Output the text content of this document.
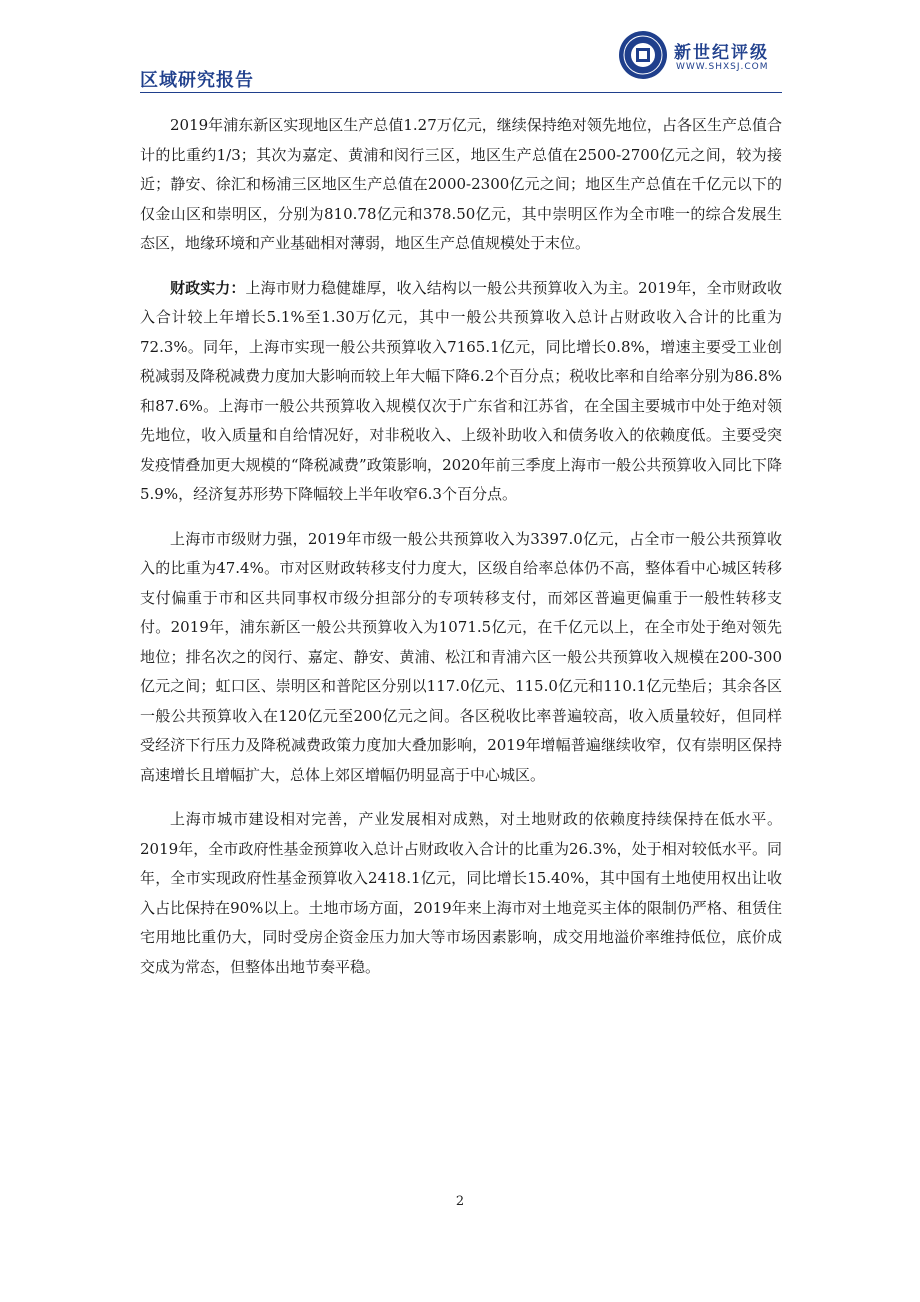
区域研究报告
新世纪评级
WWW.SHXSJ.COM

2019年浦东新区实现地区生产总值1.27万亿元，继续保持绝对领先地位，占各区生产总值合计的比重约1/3；其次为嘉定、黄浦和闵行三区，地区生产总值在2500-2700亿元之间，较为接近；静安、徐汇和杨浦三区地区生产总值在2000-2300亿元之间；地区生产总值在千亿元以下的仅金山区和崇明区，分别为810.78亿元和378.50亿元，其中崇明区作为全市唯一的综合发展生态区，地缘环境和产业基础相对薄弱，地区生产总值规模处于末位。

财政实力：上海市财力稳健雄厚，收入结构以一般公共预算收入为主。2019年，全市财政收入合计较上年增长5.1%至1.30万亿元，其中一般公共预算收入总计占财政收入合计的比重为72.3%。同年，上海市实现一般公共预算收入7165.1亿元，同比增长0.8%，增速主要受工业创税减弱及降税减费力度加大影响而较上年大幅下降6.2个百分点；税收比率和自给率分别为86.8%和87.6%。上海市一般公共预算收入规模仅次于广东省和江苏省，在全国主要城市中处于绝对领先地位，收入质量和自给情况好，对非税收入、上级补助收入和债务收入的依赖度低。主要受突发疫情叠加更大规模的“降税减费”政策影响，2020年前三季度上海市一般公共预算收入同比下降5.9%，经济复苏形势下降幅较上半年收窄6.3个百分点。

上海市市级财力强，2019年市级一般公共预算收入为3397.0亿元，占全市一般公共预算收入的比重为47.4%。市对区财政转移支付力度大，区级自给率总体仍不高，整体看中心城区转移支付偏重于市和区共同事权市级分担部分的专项转移支付，而郊区普遍更偏重于一般性转移支付。2019年，浦东新区一般公共预算收入为1071.5亿元，在千亿元以上，在全市处于绝对领先地位；排名次之的闵行、嘉定、静安、黄浦、松江和青浦六区一般公共预算收入规模在200-300亿元之间；虹口区、崇明区和普陀区分别以117.0亿元、115.0亿元和110.1亿元垫后；其余各区一般公共预算收入在120亿元至200亿元之间。各区税收比率普遍较高，收入质量较好，但同样受经济下行压力及降税减费政策力度加大叠加影响，2019年增幅普遍继续收窄，仅有崇明区保持高速增长且增幅扩大，总体上郊区增幅仍明显高于中心城区。

上海市城市建设相对完善，产业发展相对成熟，对土地财政的依赖度持续保持在低水平。2019年，全市政府性基金预算收入总计占财政收入合计的比重为26.3%，处于相对较低水平。同年，全市实现政府性基金预算收入2418.1亿元，同比增长15.40%，其中国有土地使用权出让收入占比保持在90%以上。土地市场方面，2019年来上海市对土地竞买主体的限制仍严格、租赁住宅用地比重仍大，同时受房企资金压力加大等市场因素影响，成交用地溢价率维持低位，底价成交成为常态，但整体出地节奏平稳。

2
